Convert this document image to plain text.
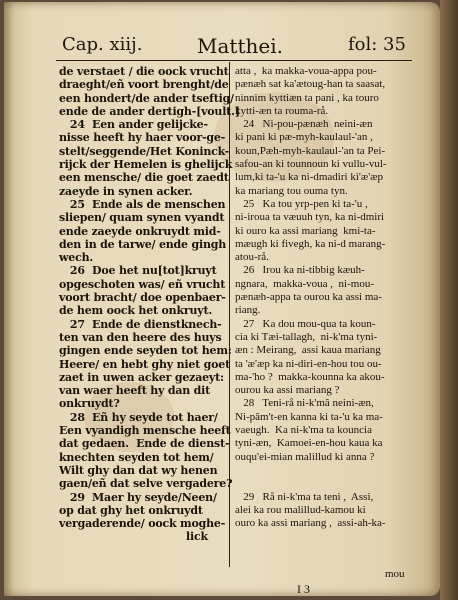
Cap. xiij.	Matthei.	fol: 35
de verstaet / die oock vrucht
draeght/eñ voort brenght/de
een hondert/de ander tseftig/
ende de ander dertigh-[voult.]
24  Een ander gelijcke-
nisse heeft hy haer voor-ge-
stelt/seggende/Het Koninck-
rijck der Hemelen is ghelijck
een mensche/ die goet zaedt
zaeyde in synen acker.
25  Ende als de menschen
sliepen/ quam synen vyandt
ende zaeyde onkruydt mid-
den in de tarwe/ ende gingh
wech.
26  Doe het nu[tot]kruyt
opgeschoten was/ eñ vrucht
voort bracht/ doe openbaer-
de hem oock het onkruyt.
27  Ende de dienstknech-
ten van den heere des huys
gingen ende seyden tot hem:
Heere/ en hebt ghy niet goet
zaet in uwen acker gezaeyt:
van waer heeft hy dan dit
onkruydt?
28  Eñ hy seyde tot haer/
Een vyandigh mensche heeft
dat gedaen.  Ende de dienst-
knechten seyden tot hem/
Wilt ghy dan dat wy henen
gaen/eñ dat selve vergadere?
29  Maer hy seyde/Neen/
op dat ghy het onkruydt
vergaderende/ oock moghe-
lick
atta ,  ka makka-voua-appa pou-
pænæh sat ka'ætoug-han ta saasat,
ninnim kyttiæn ta pani , ka touro
kytti-æn ta rouma-rå.
24   Ni-pou-pænæh  neini-æn
ki pani ki pæ-myh-kaulaul-'an ,
koun,Pæh-myh-kaulaul-'an ta Pei-
safou-an ki tounnoun ki vullu-vul-
lum,ki ta-'u ka ni-dmadiri ki'æ'æp
ka mariang tou ouma tyn.
25   Ka tou yrp-pen ki ta-'u ,
ni-iroua ta væuuh tyn, ka ni-dmiri
ki ouro ka assi mariang  kmi-ta-
mæugh ki fivegh, ka ni-d marang-
atou-rå.
26   Irou ka ni-tibbig kæuh-
ngnara,  makka-voua ,  ni-mou-
pænæh-appa ta ourou ka assi ma-
riang.
27   Ka dou mou-qua ta koun-
cia ki Tæi-tallagh,  ni-k'ma tyni-
æn : Meirang,  assi kaua mariang
ta 'æ'æp ka ni-diri-en-hou tou ou-
ma-'ho ?  makka-kounna ka akou-
ourou ka assi mariang ?
28   Teni-rå ni-k'mâ neini-æn,
Ni-pâm't-en kanna ki ta-'u ka ma-
vaeugh.  Ka ni-k'ma ta kouncia
tyni-æn,  Kamoei-en-hou kaua ka
ouqu'ei-mian malillud ki anna ?
29   Rå ni-k'ma ta teni ,  Assi,
alei ka rou malillud-kamou ki
ouro ka assi mariang ,  assi-ah-ka-
mou
I 3
